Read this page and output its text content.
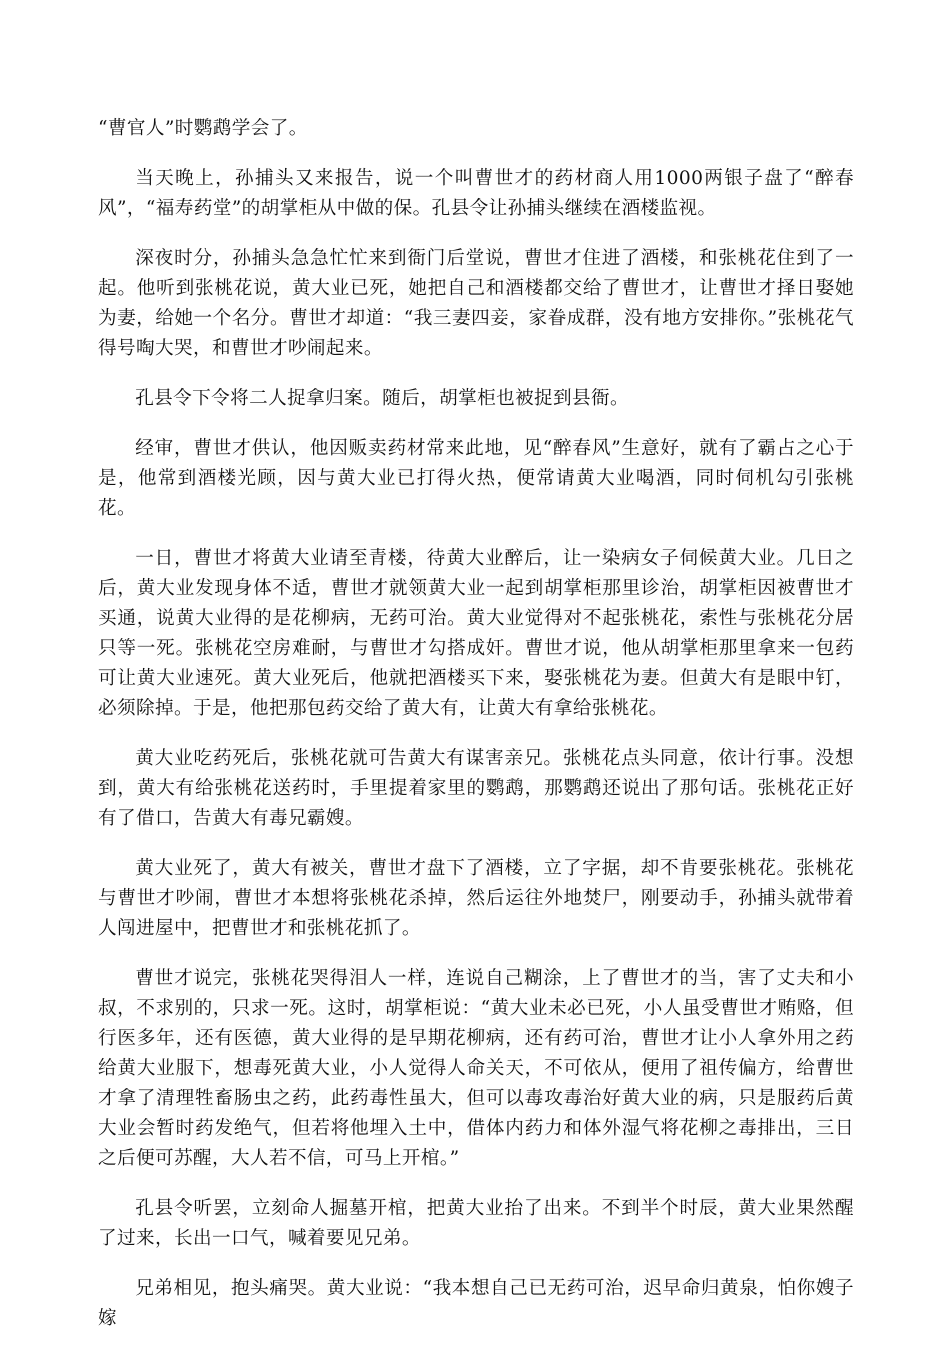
“曹官人”时鹦鹉学会了。

当天晚上，孙捕头又来报告，说一个叫曹世才的药材商人用1000两银子盘了“醉春风”，“福寿药堂”的胡掌柜从中做的保。孔县令让孙捕头继续在酒楼监视。

深夜时分，孙捕头急急忙忙来到衙门后堂说，曹世才住进了酒楼，和张桃花住到了一起。他听到张桃花说，黄大业已死，她把自己和酒楼都交给了曹世才，让曹世才择日娶她为妻，给她一个名分。曹世才却道：“我三妻四妾，家眷成群，没有地方安排你。”张桃花气得号啕大哭，和曹世才吵闹起来。

孔县令下令将二人捉拿归案。随后，胡掌柜也被捉到县衙。

经审，曹世才供认，他因贩卖药材常来此地，见“醉春风”生意好，就有了霸占之心于是，他常到酒楼光顾，因与黄大业已打得火热，便常请黄大业喝酒，同时伺机勾引张桃花。

一日，曹世才将黄大业请至青楼，待黄大业醉后，让一染病女子伺候黄大业。几日之后，黄大业发现身体不适，曹世才就领黄大业一起到胡掌柜那里诊治，胡掌柜因被曹世才买通，说黄大业得的是花柳病，无药可治。黄大业觉得对不起张桃花，索性与张桃花分居只等一死。张桃花空房难耐，与曹世才勾搭成奸。曹世才说，他从胡掌柜那里拿来一包药可让黄大业速死。黄大业死后，他就把酒楼买下来，娶张桃花为妻。但黄大有是眼中钉，必须除掉。于是，他把那包药交给了黄大有，让黄大有拿给张桃花。

黄大业吃药死后，张桃花就可告黄大有谋害亲兄。张桃花点头同意，依计行事。没想到，黄大有给张桃花送药时，手里提着家里的鹦鹉，那鹦鹉还说出了那句话。张桃花正好有了借口，告黄大有毒兄霸嫂。

黄大业死了，黄大有被关，曹世才盘下了酒楼，立了字据，却不肯要张桃花。张桃花与曹世才吵闹，曹世才本想将张桃花杀掉，然后运往外地焚尸，刚要动手，孙捕头就带着人闯进屋中，把曹世才和张桃花抓了。

曹世才说完，张桃花哭得泪人一样，连说自己糊涂，上了曹世才的当，害了丈夫和小叔，不求别的，只求一死。这时，胡掌柜说：“黄大业未必已死，小人虽受曹世才贿赂，但行医多年，还有医德，黄大业得的是早期花柳病，还有药可治，曹世才让小人拿外用之药给黄大业服下，想毒死黄大业，小人觉得人命关天，不可依从，便用了祖传偏方，给曹世才拿了清理牲畜肠虫之药，此药毒性虽大，但可以毒攻毒治好黄大业的病，只是服药后黄大业会暂时药发绝气，但若将他埋入土中，借体内药力和体外湿气将花柳之毒排出，三日之后便可苏醒，大人若不信，可马上开棺。”

孔县令听罢，立刻命人掘墓开棺，把黄大业抬了出来。不到半个时辰，黄大业果然醒了过来，长出一口气，喊着要见兄弟。

兄弟相见，抱头痛哭。黄大业说：“我本想自己已无药可治，迟早命归黄泉，怕你嫂子嫁
